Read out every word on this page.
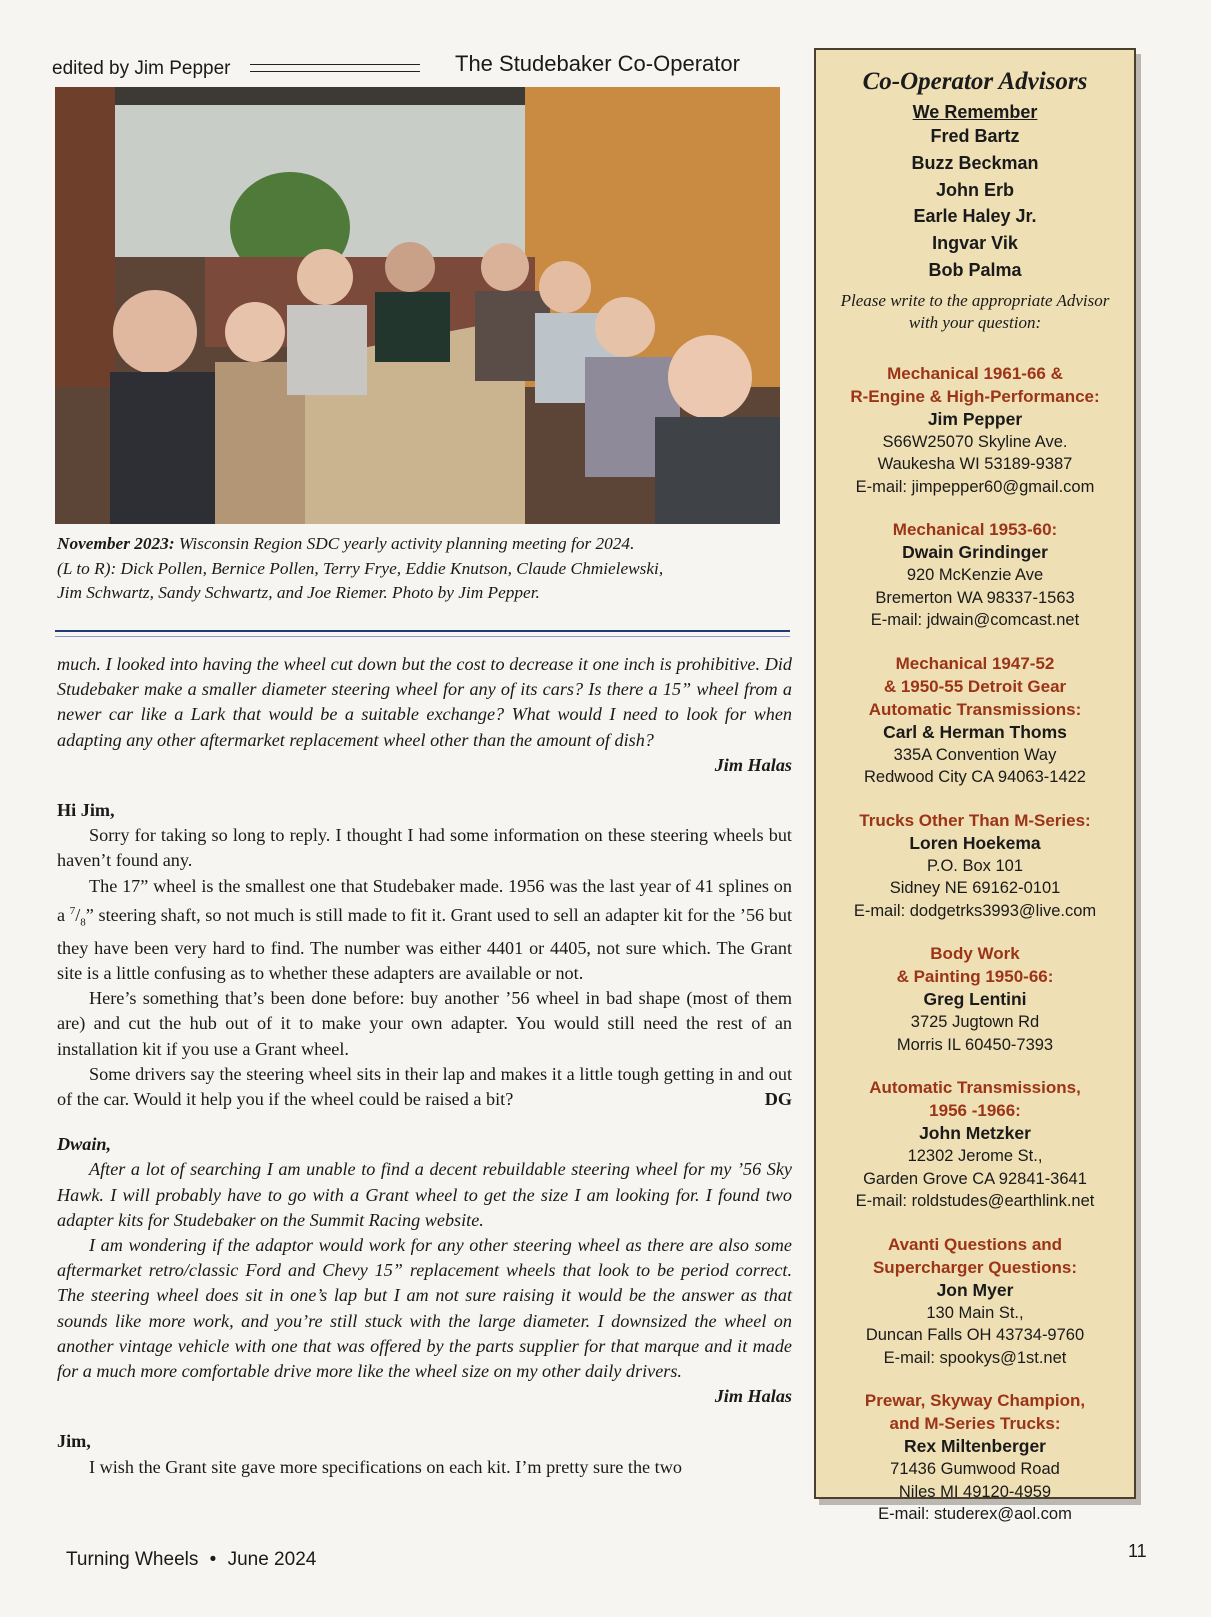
edited by Jim Pepper	The Studebaker Co-Operator
November 2023: Wisconsin Region SDC yearly activity planning meeting for 2024.
(L to R): Dick Pollen, Bernice Pollen, Terry Frye, Eddie Knutson, Claude Chmielewski,
Jim Schwartz, Sandy Schwartz, and Joe Riemer. Photo by Jim Pepper.

much. I looked into having the wheel cut down but the cost to decrease it one inch is prohibitive. Did Studebaker make a smaller diameter steering wheel for any of its cars? Is there a 15” wheel from a newer car like a Lark that would be a suitable exchange? What would I need to look for when adapting any other aftermarket replacement wheel other than the amount of dish?

Jim Halas

Hi Jim,

Sorry for taking so long to reply. I thought I had some information on these steering wheels but haven’t found any.

The 17” wheel is the smallest one that Studebaker made. 1956 was the last year of 41 splines on a $^7/_8$” steering shaft, so not much is still made to fit it. Grant used to sell an adapter kit for the ’56 but they have been very hard to find. The number was either 4401 or 4405, not sure which. The Grant site is a little confusing as to whether these adapters are available or not.

Here’s something that’s been done before: buy another ’56 wheel in bad shape (most of them are) and cut the hub out of it to make your own adapter. You would still need the rest of an installation kit if you use a Grant wheel.

Some drivers say the steering wheel sits in their lap and makes it a little tough getting in and out of the car. Would it help you if the wheel could be raised a bit?	DG

Dwain,

After a lot of searching I am unable to find a decent rebuildable steering wheel for my ’56 Sky Hawk. I will probably have to go with a Grant wheel to get the size I am looking for. I found two adapter kits for Studebaker on the Summit Racing website.

I am wondering if the adaptor would work for any other steering wheel as there are also some aftermarket retro/classic Ford and Chevy 15” replacement wheels that look to be period correct. The steering wheel does sit in one’s lap but I am not sure raising it would be the answer as that sounds like more work, and you’re still stuck with the large diameter. I downsized the wheel on another vintage vehicle with one that was offered by the parts supplier for that marque and it made for a much more comfortable drive more like the wheel size on my other daily drivers.

Jim Halas

Jim,

I wish the Grant site gave more specifications on each kit. I’m pretty sure the two

Turning Wheels • June 2024	11
Co-Operator Advisors
We Remember
Fred Bartz
Buzz Beckman
John Erb
Earle Haley Jr.
Ingvar Vik
Bob Palma
Please write to the appropriate Advisor with your question:
Mechanical 1961-66 &
R-Engine & High-Performance:
Jim Pepper
S66W25070 Skyline Ave.
Waukesha WI 53189-9387
E-mail: jimpepper60@gmail.com
Mechanical 1953-60:
Dwain Grindinger
920 McKenzie Ave
Bremerton WA 98337-1563
E-mail: jdwain@comcast.net
Mechanical 1947-52
& 1950-55 Detroit Gear
Automatic Transmissions:
Carl & Herman Thoms
335A Convention Way
Redwood City CA 94063-1422
Trucks Other Than M-Series:
Loren Hoekema
P.O. Box 101
Sidney NE 69162-0101
E-mail: dodgetrks3993@live.com
Body Work
& Painting 1950-66:
Greg Lentini
3725 Jugtown Rd
Morris IL 60450-7393
Automatic Transmissions,
1956 -1966:
John Metzker
12302 Jerome St.,
Garden Grove CA 92841-3641
E-mail: roldstudes@earthlink.net
Avanti Questions and
Supercharger Questions:
Jon Myer
130 Main St.,
Duncan Falls OH 43734-9760
E-mail: spookys@1st.net
Prewar, Skyway Champion,
and M-Series Trucks:
Rex Miltenberger
71436 Gumwood Road
Niles MI 49120-4959
E-mail: studerex@aol.com
